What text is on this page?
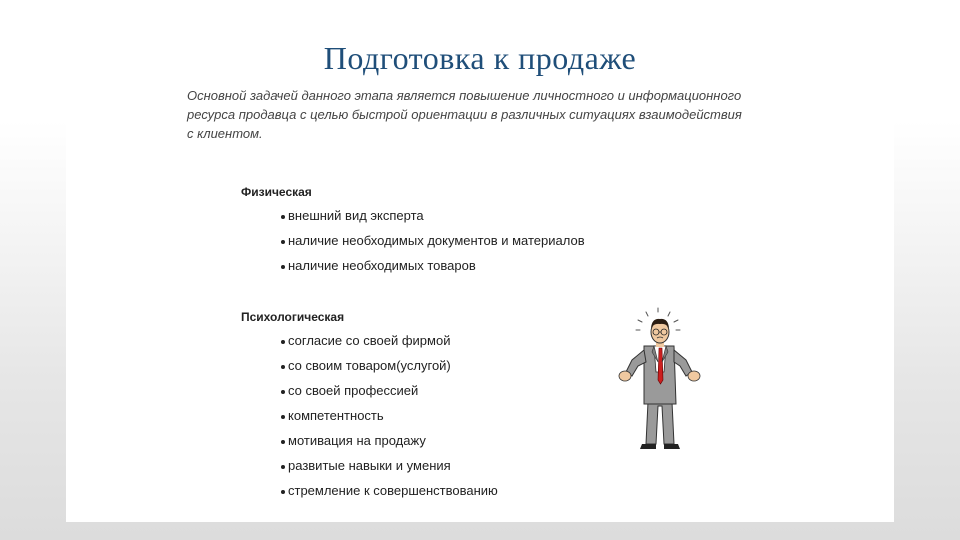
Подготовка к продаже
Основной задачей данного этапа является повышение личностного и информационного ресурса продавца с целью быстрой ориентации в различных ситуациях взаимодействия с клиентом.
Физическая
внешний вид эксперта
наличие необходимых документов и материалов
наличие необходимых товаров
Психологическая
согласие со своей фирмой
со своим товаром(услугой)
со своей профессией
компетентность
мотивация на продажу
развитые навыки и умения
стремление к совершенствованию
